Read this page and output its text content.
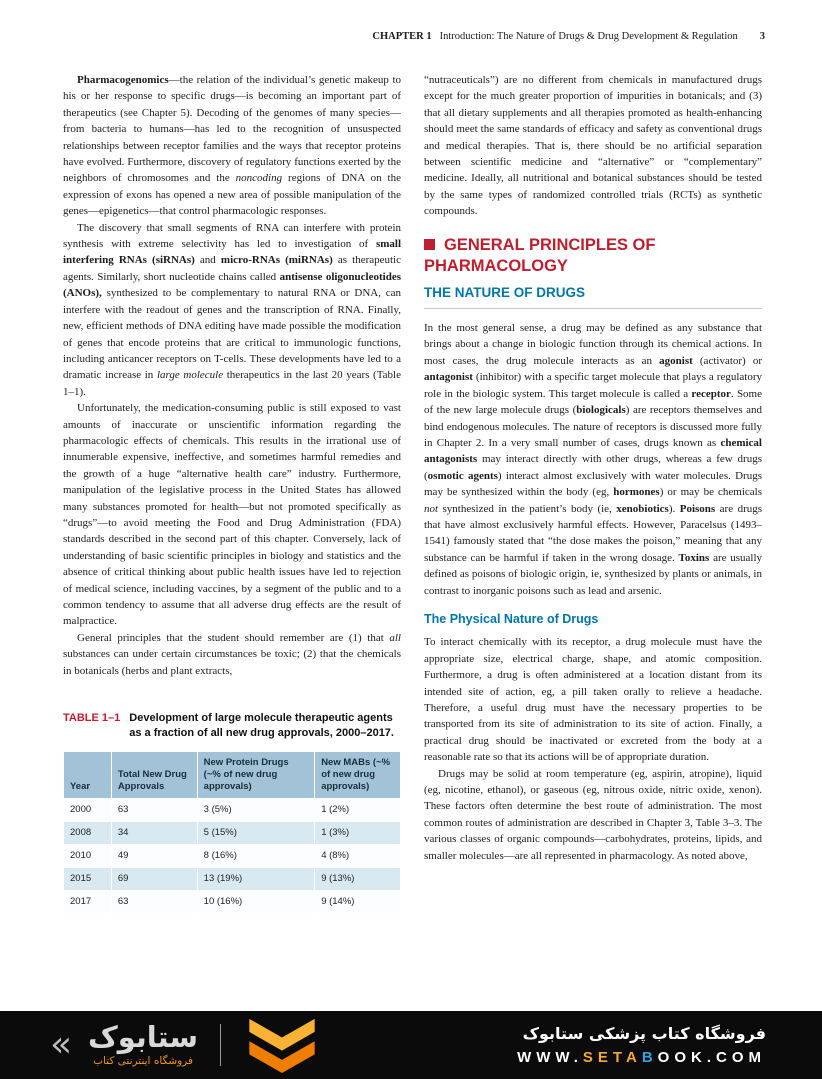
CHAPTER 1 Introduction: The Nature of Drugs & Drug Development & Regulation 3

Pharmacogenomics—the relation of the individual’s genetic makeup to his or her response to specific drugs—is becoming an important part of therapeutics (see Chapter 5). Decoding of the genomes of many species—from bacteria to humans—has led to the recognition of unsuspected relationships between receptor families and the ways that receptor proteins have evolved. Furthermore, discovery of regulatory functions exerted by the neighbors of chromosomes and the noncoding regions of DNA on the expression of exons has opened a new area of possible manipulation of the genes—epigenetics—that control pharmacologic responses.

The discovery that small segments of RNA can interfere with protein synthesis with extreme selectivity has led to investigation of small interfering RNAs (siRNAs) and micro-RNAs (miRNAs) as therapeutic agents. Similarly, short nucleotide chains called antisense oligonucleotides (ANOs), synthesized to be complementary to natural RNA or DNA, can interfere with the readout of genes and the transcription of RNA. Finally, new, efficient methods of DNA editing have made possible the modification of genes that encode proteins that are critical to immunologic functions, including anticancer receptors on T-cells. These developments have led to a dramatic increase in large molecule therapeutics in the last 20 years (Table 1–1).

Unfortunately, the medication-consuming public is still exposed to vast amounts of inaccurate or unscientific information regarding the pharmacologic effects of chemicals. This results in the irrational use of innumerable expensive, ineffective, and sometimes harmful remedies and the growth of a huge “alternative health care” industry. Furthermore, manipulation of the legislative process in the United States has allowed many substances promoted for health—but not promoted specifically as “drugs”—to avoid meeting the Food and Drug Administration (FDA) standards described in the second part of this chapter. Conversely, lack of understanding of basic scientific principles in biology and statistics and the absence of critical thinking about public health issues have led to rejection of medical science, including vaccines, by a segment of the public and to a common tendency to assume that all adverse drug effects are the result of malpractice.

General principles that the student should remember are (1) that all substances can under certain circumstances be toxic; (2) that the chemicals in botanicals (herbs and plant extracts,

TABLE 1–1 Development of large molecule therapeutic agents as a fraction of all new drug approvals, 2000–2017.
Year	Total New Drug Approvals	New Protein Drugs (~% of new drug approvals)	New MABs (~% of new drug approvals)
2000	63	3 (5%)	1 (2%)
2008	34	5 (15%)	1 (3%)
2010	49	8 (16%)	4 (8%)
2015	69	13 (19%)	9 (13%)
2017	63	10 (16%)	9 (14%)

“nutraceuticals”) are no different from chemicals in manufactured drugs except for the much greater proportion of impurities in botanicals; and (3) that all dietary supplements and all therapies promoted as health-enhancing should meet the same standards of efficacy and safety as conventional drugs and medical therapies. That is, there should be no artificial separation between scientific medicine and “alternative” or “complementary” medicine. Ideally, all nutritional and botanical substances should be tested by the same types of randomized controlled trials (RCTs) as synthetic compounds.

GENERAL PRINCIPLES OF PHARMACOLOGY
THE NATURE OF DRUGS

In the most general sense, a drug may be defined as any substance that brings about a change in biologic function through its chemical actions. In most cases, the drug molecule interacts as an agonist (activator) or antagonist (inhibitor) with a specific target molecule that plays a regulatory role in the biologic system. This target molecule is called a receptor. Some of the new large molecule drugs (biologicals) are receptors themselves and bind endogenous molecules. The nature of receptors is discussed more fully in Chapter 2. In a very small number of cases, drugs known as chemical antagonists may interact directly with other drugs, whereas a few drugs (osmotic agents) interact almost exclusively with water molecules. Drugs may be synthesized within the body (eg, hormones) or may be chemicals not synthesized in the patient’s body (ie, xenobiotics). Poisons are drugs that have almost exclusively harmful effects. However, Paracelsus (1493–1541) famously stated that “the dose makes the poison,” meaning that any substance can be harmful if taken in the wrong dosage. Toxins are usually defined as poisons of biologic origin, ie, synthesized by plants or animals, in contrast to inorganic poisons such as lead and arsenic.

The Physical Nature of Drugs

To interact chemically with its receptor, a drug molecule must have the appropriate size, electrical charge, shape, and atomic composition. Furthermore, a drug is often administered at a location distant from its intended site of action, eg, a pill taken orally to relieve a headache. Therefore, a useful drug must have the necessary properties to be transported from its site of administration to its site of action. Finally, a practical drug should be inactivated or excreted from the body at a reasonable rate so that its actions will be of appropriate duration.

Drugs may be solid at room temperature (eg, aspirin, atropine), liquid (eg, nicotine, ethanol), or gaseous (eg, nitrous oxide, nitric oxide, xenon). These factors often determine the best route of administration. The most common routes of administration are described in Chapter 3, Table 3–3. The various classes of organic compounds—carbohydrates, proteins, lipids, and smaller molecules—are all represented in pharmacology. As noted above,

« ستابوک
فروشگاه اینترنتی کتاب
فروشگاه کتاب پزشکی ستابوک
WWW.SETABOOK.COM
